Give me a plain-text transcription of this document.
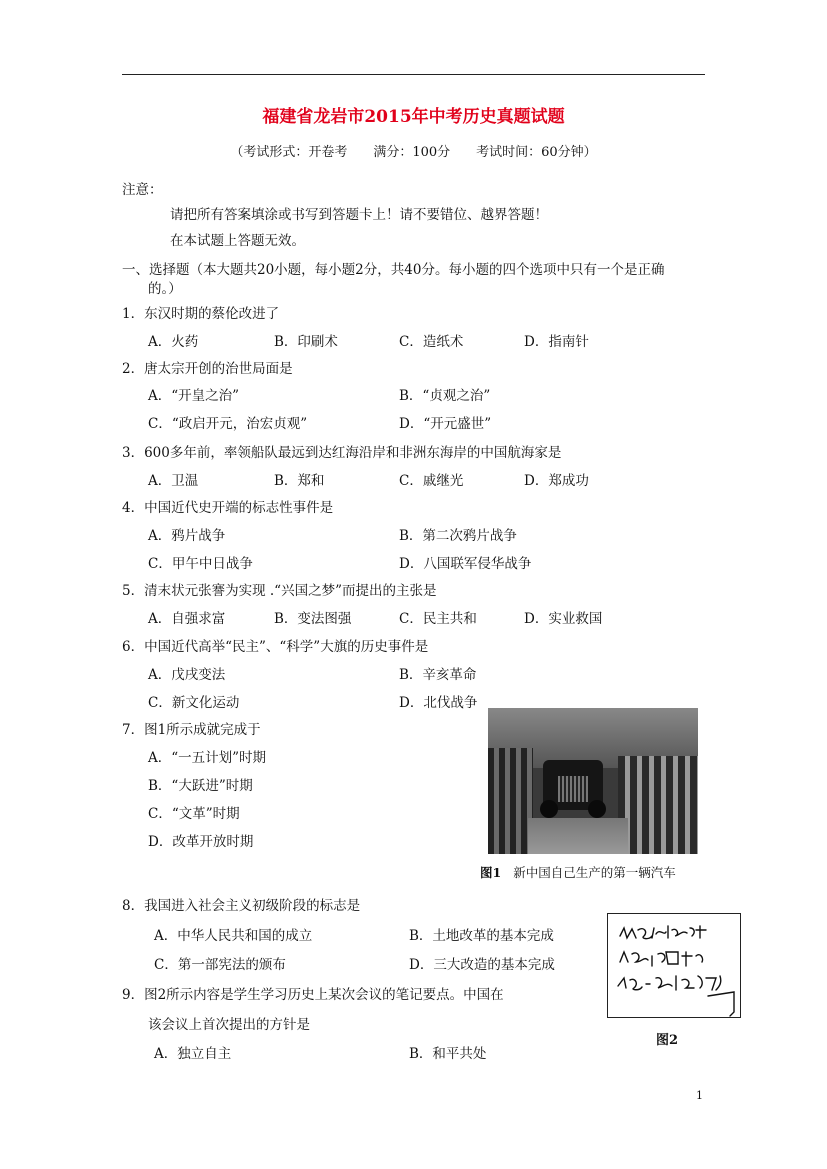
福建省龙岩市2015年中考历史真题试题
（考试形式：开卷考　　满分：100分　　考试时间：60分钟）
注意：
请把所有答案填涂或书写到答题卡上！请不要错位、越界答题！
在本试题上答题无效。
一、选择题（本大题共20小题，每小题2分，共40分。每小题的四个选项中只有一个是正确
的。）
1．东汉时期的蔡伦改进了
A．火药	B．印刷术	C．造纸术	D．指南针
2．唐太宗开创的治世局面是
A．“开皇之治”	B．“贞观之治”
C．“政启开元，治宏贞观”	D．“开元盛世”
3．600多年前，率领船队最远到达红海沿岸和非洲东海岸的中国航海家是
A．卫温	B．郑和	C．戚继光	D．郑成功
4．中国近代史开端的标志性事件是
A．鸦片战争	B．第二次鸦片战争
C．甲午中日战争	D．八国联军侵华战争
5．清末状元张謇为实现 .“兴国之梦”而提出的主张是
A．自强求富	B．变法图强	C．民主共和	D．实业救国
6．中国近代高举“民主”、“科学”大旗的历史事件是
A．戊戌变法	B．辛亥革命
C．新文化运动	D．北伐战争
7．图1所示成就完成于
A．“一五计划”时期
B．“大跃进”时期
C．“文革”时期
D．改革开放时期
图1 新中国自己生产的第一辆汽车
8．我国进入社会主义初级阶段的标志是
A．中华人民共和国的成立	B．土地改革的基本完成
C．第一部宪法的颁布	D．三大改造的基本完成
图2
9．图2所示内容是学生学习历史上某次会议的笔记要点。中国在
该会议上首次提出的方针是
A．独立自主	B．和平共处
1
